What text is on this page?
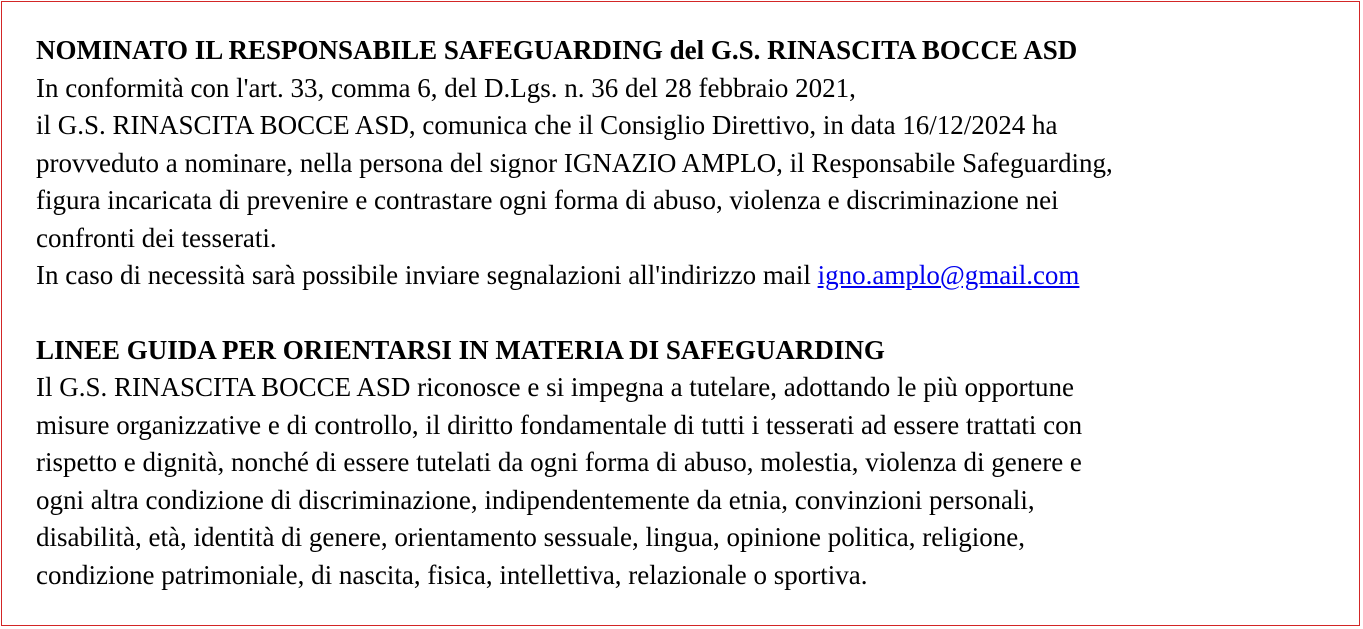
NOMINATO IL RESPONSABILE SAFEGUARDING del G.S. RINASCITA BOCCE ASD

In conformità con l'art. 33, comma 6, del D.Lgs. n. 36 del 28 febbraio 2021,

il G.S. RINASCITA BOCCE ASD, comunica che il Consiglio Direttivo, in data 16/12/2024 ha

provveduto a nominare, nella persona del signor IGNAZIO AMPLO, il Responsabile Safeguarding,

figura incaricata di prevenire e contrastare ogni forma di abuso, violenza e discriminazione nei

confronti dei tesserati.

In caso di necessità sarà possibile inviare segnalazioni all'indirizzo mail igno.amplo@gmail.com

LINEE GUIDA PER ORIENTARSI IN MATERIA DI SAFEGUARDING

Il G.S. RINASCITA BOCCE ASD riconosce e si impegna a tutelare, adottando le più opportune

misure organizzative e di controllo, il diritto fondamentale di tutti i tesserati ad essere trattati con

rispetto e dignità, nonché di essere tutelati da ogni forma di abuso, molestia, violenza di genere e

ogni altra condizione di discriminazione, indipendentemente da etnia, convinzioni personali,

disabilità, età, identità di genere, orientamento sessuale, lingua, opinione politica, religione,

condizione patrimoniale, di nascita, fisica, intellettiva, relazionale o sportiva.
